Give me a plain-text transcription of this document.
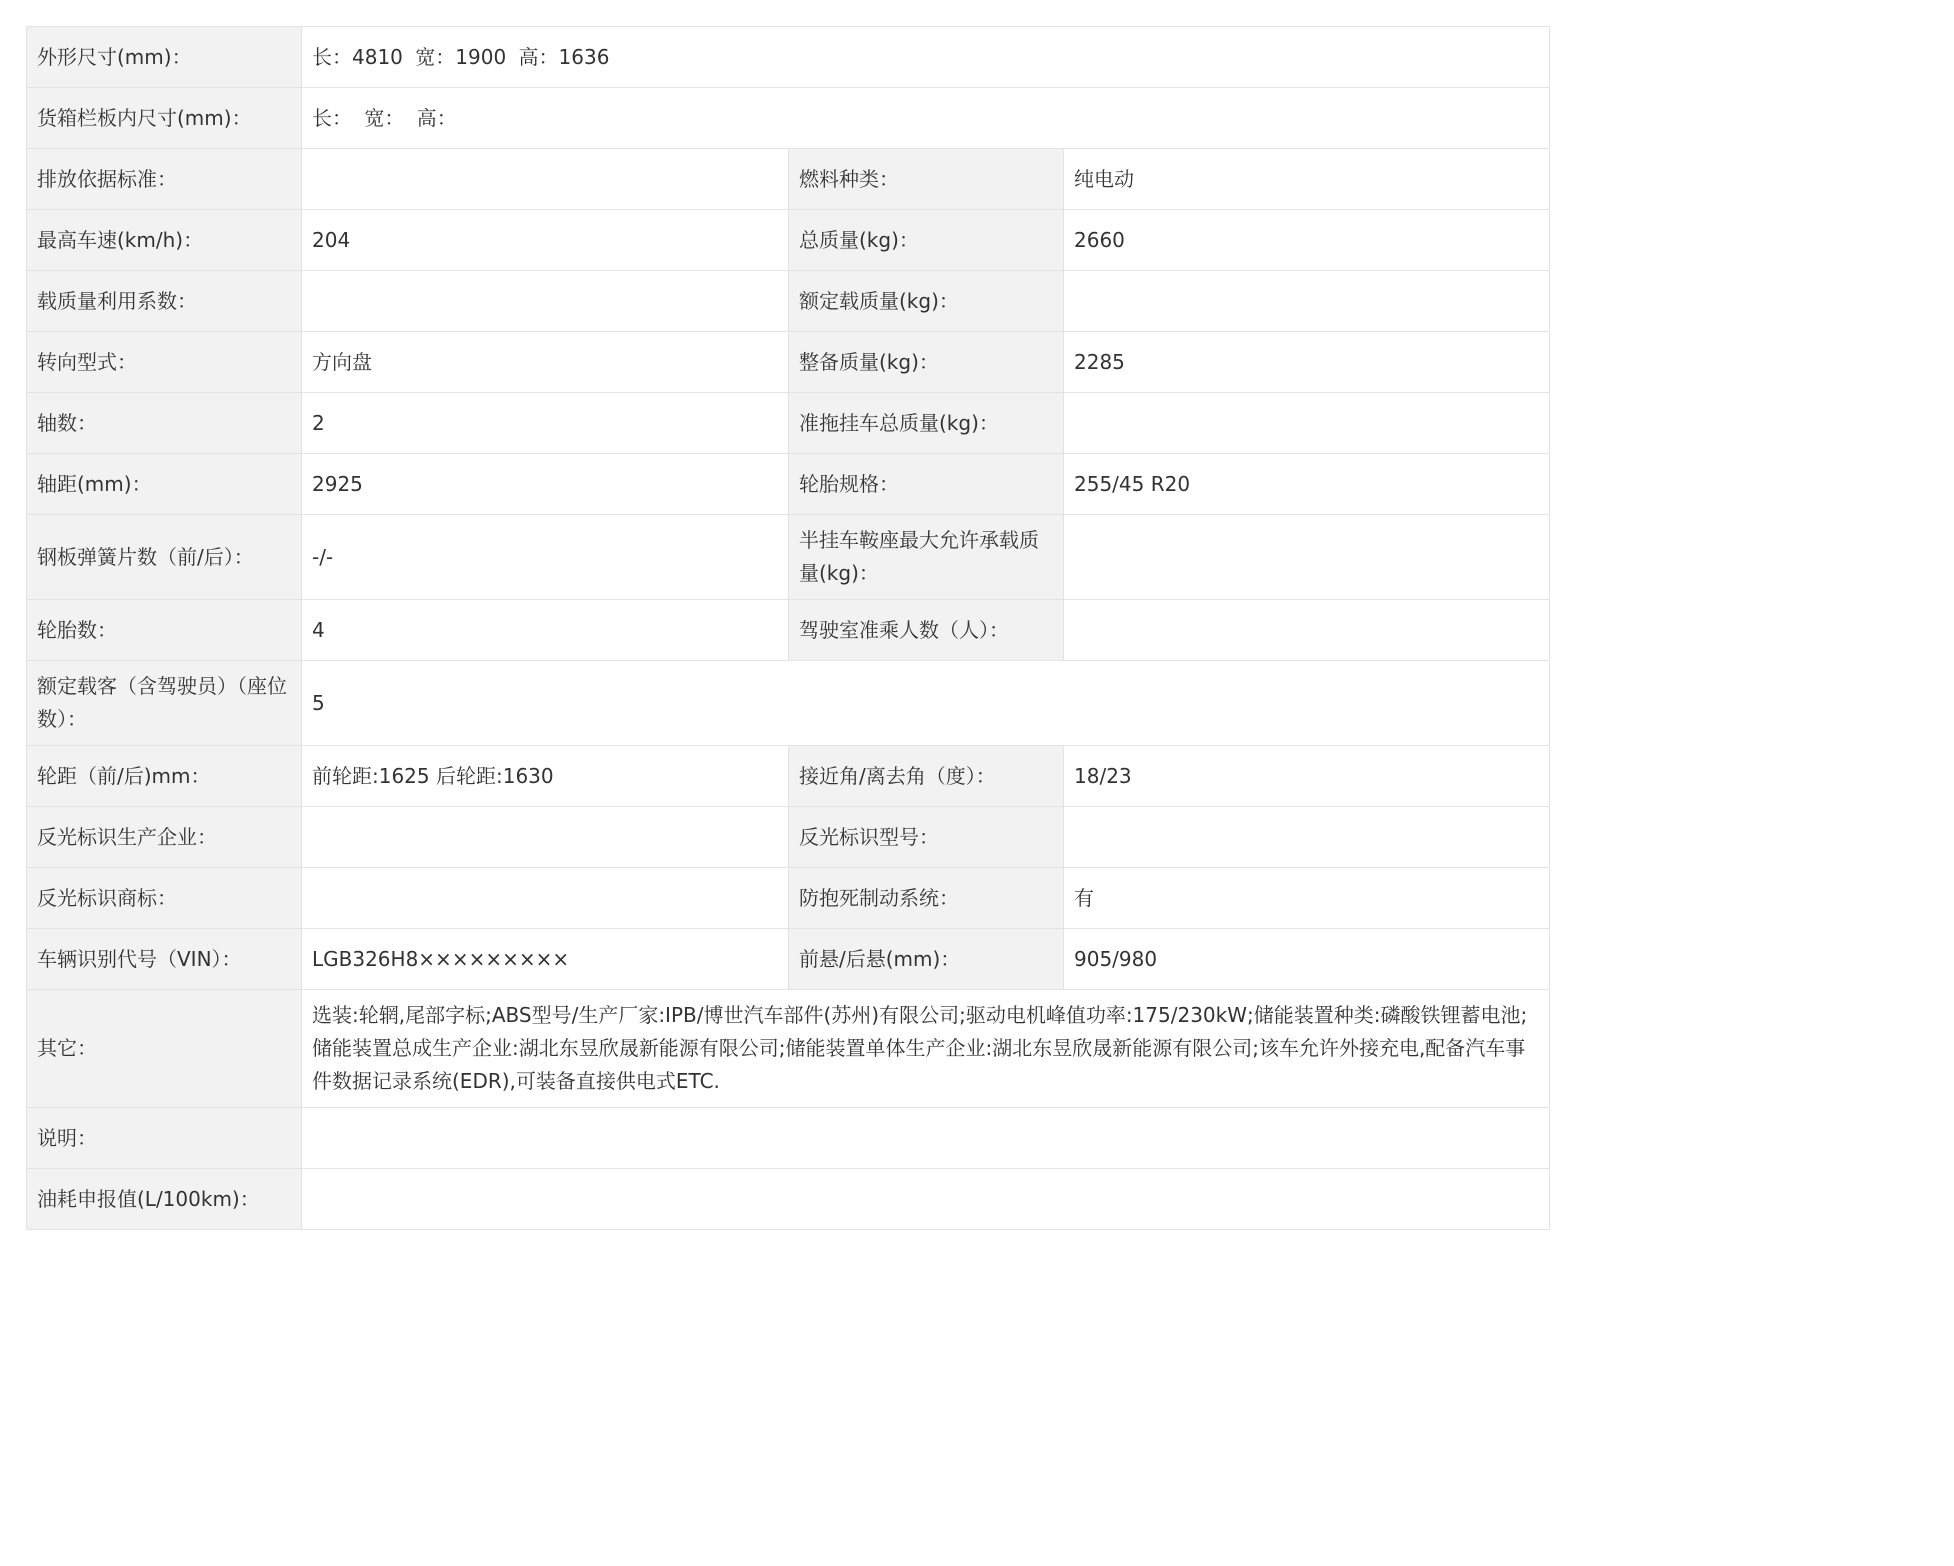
外形尺寸(mm)：	长：4810 宽：1900 高：1636		
货箱栏板内尺寸(mm)：	长： 宽： 高：		
排放依据标准：		燃料种类：	纯电动
最高车速(km/h)：	204	总质量(kg)：	2660
载质量利用系数：		额定载质量(kg)：	
转向型式：	方向盘	整备质量(kg)：	2285
轴数：	2	准拖挂车总质量(kg)：	
轴距(mm)：	2925	轮胎规格：	255/45 R20
钢板弹簧片数（前/后）：	-/-	半挂车鞍座最大允许承载质量(kg)：	
轮胎数：	4	驾驶室准乘人数（人）：	
额定载客（含驾驶员）（座位数）：	5		
轮距（前/后)mm：	前轮距:1625 后轮距:1630	接近角/离去角（度）：	18/23
反光标识生产企业：		反光标识型号：	
反光标识商标：		防抱死制动系统：	有
车辆识别代号（VIN）：	LGB326H8×××××××××	前悬/后悬(mm)：	905/980
其它：	选装:轮辋,尾部字标;ABS型号/生产厂家:IPB/博世汽车部件(苏州)有限公司;驱动电机峰值功率:175/230kW;储能装置种类:磷酸铁锂蓄电池;储能装置总成生产企业:湖北东昱欣晟新能源有限公司;储能装置单体生产企业:湖北东昱欣晟新能源有限公司;该车允许外接充电,配备汽车事件数据记录系统(EDR),可装备直接供电式ETC.		
说明：			
油耗申报值(L/100km)：			
